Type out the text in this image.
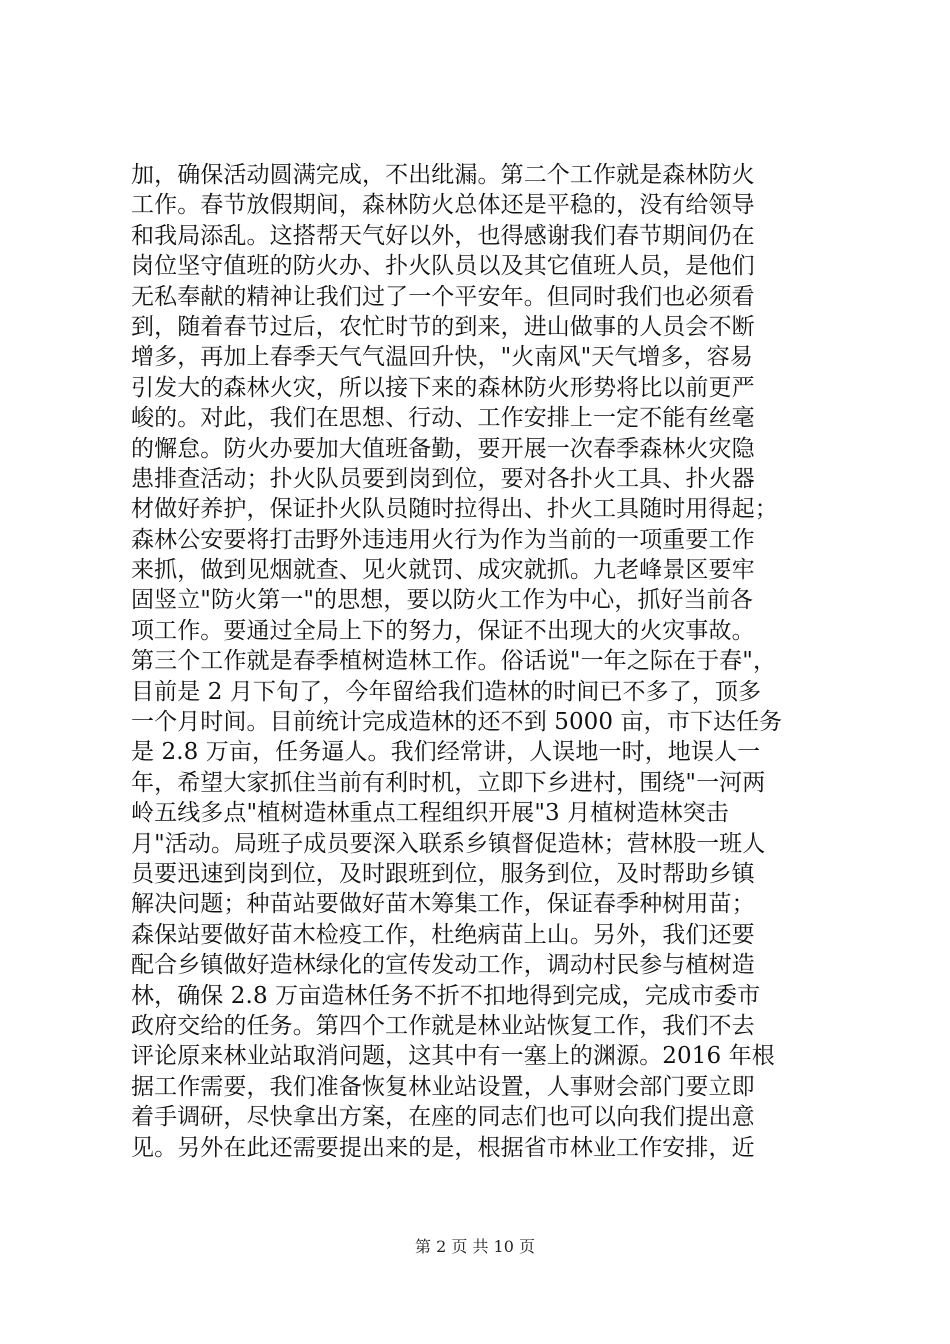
加，确保活动圆满完成，不出纰漏。第二个工作就是森林防火
工作。春节放假期间，森林防火总体还是平稳的，没有给领导
和我局添乱。这搭帮天气好以外，也得感谢我们春节期间仍在
岗位坚守值班的防火办、扑火队员以及其它值班人员，是他们
无私奉献的精神让我们过了一个平安年。但同时我们也必须看
到，随着春节过后，农忙时节的到来，进山做事的人员会不断
增多，再加上春季天气气温回升快，"火南风"天气增多，容易
引发大的森林火灾，所以接下来的森林防火形势将比以前更严
峻的。对此，我们在思想、行动、工作安排上一定不能有丝毫
的懈怠。防火办要加大值班备勤，要开展一次春季森林火灾隐
患排查活动；扑火队员要到岗到位，要对各扑火工具、扑火器
材做好养护，保证扑火队员随时拉得出、扑火工具随时用得起；
森林公安要将打击野外违违用火行为作为当前的一项重要工作
来抓，做到见烟就查、见火就罚、成灾就抓。九老峰景区要牢
固竖立"防火第一"的思想，要以防火工作为中心，抓好当前各
项工作。要通过全局上下的努力，保证不出现大的火灾事故。
第三个工作就是春季植树造林工作。俗话说"一年之际在于春"，
目前是 2 月下旬了，今年留给我们造林的时间已不多了，顶多
一个月时间。目前统计完成造林的还不到 5000 亩，市下达任务
是 2.8 万亩，任务逼人。我们经常讲，人误地一时，地误人一
年，希望大家抓住当前有利时机，立即下乡进村，围绕"一河两
岭五线多点"植树造林重点工程组织开展"3 月植树造林突击
月"活动。局班子成员要深入联系乡镇督促造林；营林股一班人
员要迅速到岗到位，及时跟班到位，服务到位，及时帮助乡镇
解决问题；种苗站要做好苗木筹集工作，保证春季种树用苗；
森保站要做好苗木检疫工作，杜绝病苗上山。另外，我们还要
配合乡镇做好造林绿化的宣传发动工作，调动村民参与植树造
林，确保 2.8 万亩造林任务不折不扣地得到完成，完成市委市
政府交给的任务。第四个工作就是林业站恢复工作，我们不去
评论原来林业站取消问题，这其中有一塞上的渊源。2016 年根
据工作需要，我们准备恢复林业站设置，人事财会部门要立即
着手调研，尽快拿出方案，在座的同志们也可以向我们提出意
见。另外在此还需要提出来的是，根据省市林业工作安排，近
第 2 页 共 10 页
